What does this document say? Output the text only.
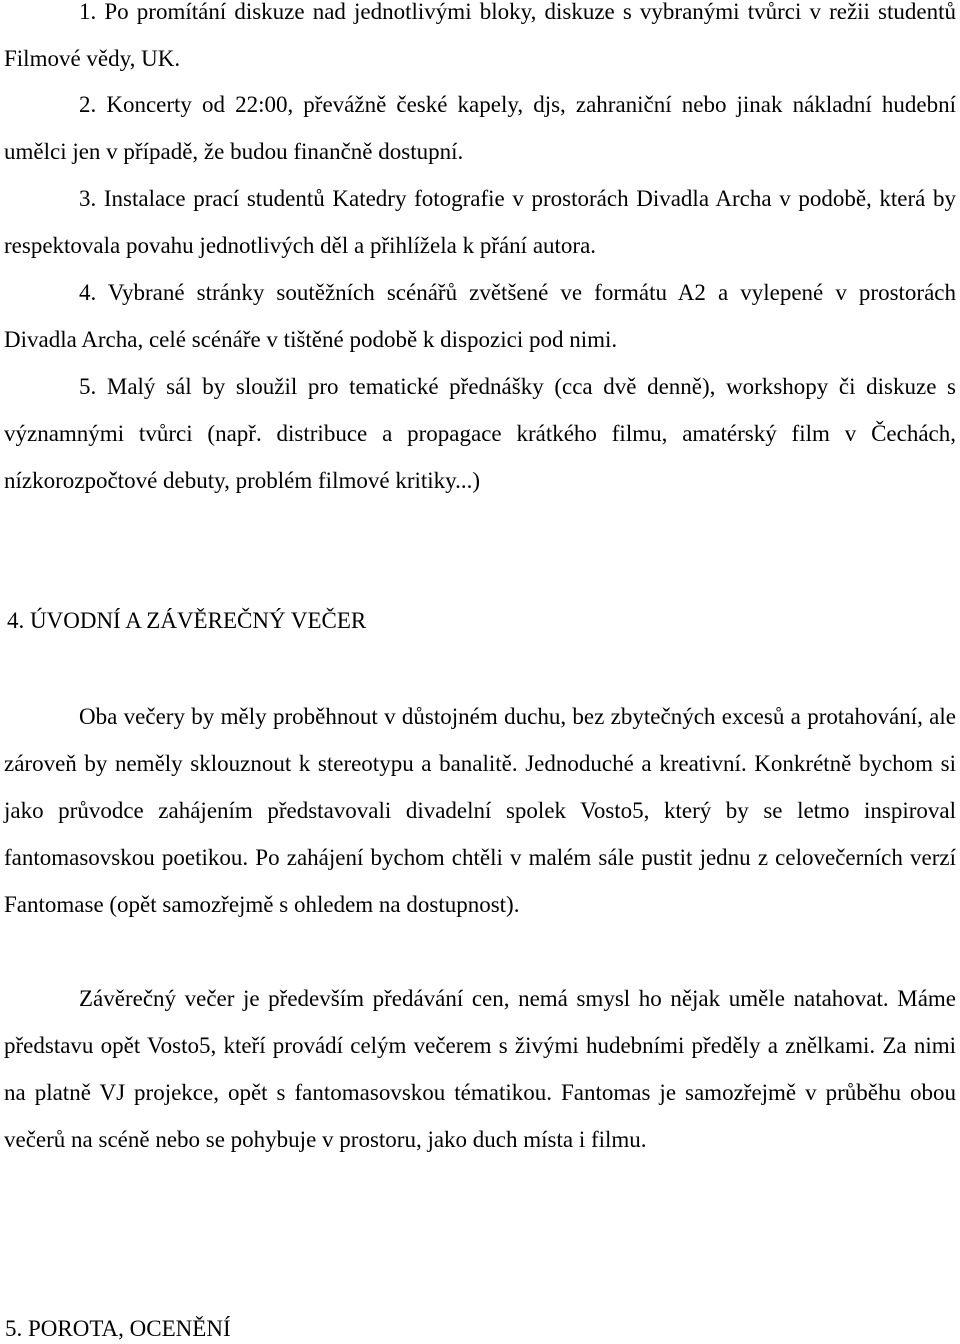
1. Po promítání diskuze nad jednotlivými bloky, diskuze s vybranými tvůrci v režii studentů Filmové vědy, UK.

2. Koncerty od 22:00, převážně české kapely, djs, zahraniční nebo jinak nákladní hudební umělci jen v případě, že budou finančně dostupní.

3. Instalace prací studentů Katedry fotografie v prostorách Divadla Archa v podobě, která by respektovala povahu jednotlivých děl a přihlížela k přání autora.

4. Vybrané stránky soutěžních scénářů zvětšené ve formátu A2 a vylepené v prostorách Divadla Archa, celé scénáře v tištěné podobě k dispozici pod nimi.

5. Malý sál by sloužil pro tematické přednášky (cca dvě denně), workshopy či diskuze s významnými tvůrci (např. distribuce a propagace krátkého filmu, amatérský film v Čechách, nízkorozpočtové debuty, problém filmové kritiky...)

4. ÚVODNÍ A ZÁVĚREČNÝ VEČER

Oba večery by měly proběhnout v důstojném duchu, bez zbytečných excesů a protahování, ale zároveň by neměly sklouznout k stereotypu a banalitě. Jednoduché a kreativní. Konkrétně bychom si jako průvodce zahájením představovali divadelní spolek Vosto5, který by se letmo inspiroval fantomasovskou poetikou. Po zahájení bychom chtěli v malém sále pustit jednu z celovečerních verzí Fantomase (opět samozřejmě s ohledem na dostupnost).

Závěrečný večer je především předávání cen, nemá smysl ho nějak uměle natahovat. Máme představu opět Vosto5, kteří provádí celým večerem s živými hudebními předěly a znělkami. Za nimi na platně VJ projekce, opět s fantomasovskou tématikou. Fantomas je samozřejmě v průběhu obou večerů na scéně nebo se pohybuje v prostoru, jako duch místa i filmu.

5. POROTA, OCENĚNÍ
